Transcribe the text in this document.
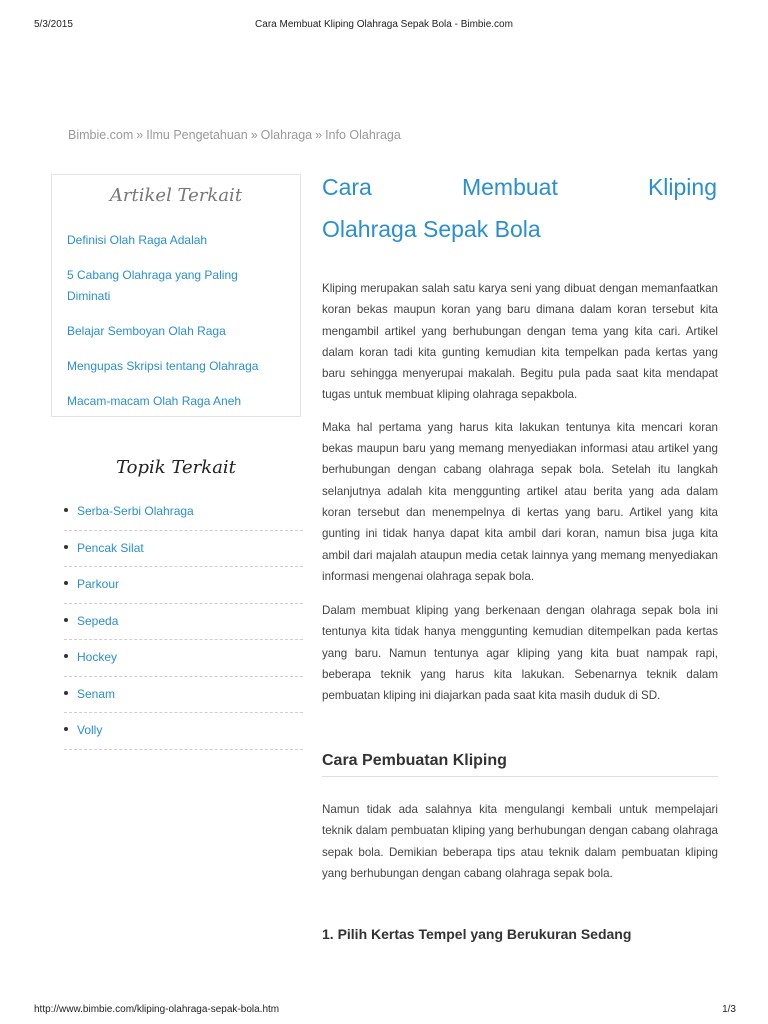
5/3/2015	Cara Membuat Kliping Olahraga Sepak Bola - Bimbie.com
Bimbie.com » Ilmu Pengetahuan » Olahraga » Info Olahraga
Artikel Terkait
Definisi Olah Raga Adalah
5 Cabang Olahraga yang Paling Diminati
Belajar Semboyan Olah Raga
Mengupas Skripsi tentang Olahraga
Macam-macam Olah Raga Aneh
Topik Terkait
Serba-Serbi Olahraga
Pencak Silat
Parkour
Sepeda
Hockey
Senam
Volly
Cara	Membuat	Kliping
Olahraga Sepak Bola

Kliping merupakan salah satu karya seni yang dibuat dengan memanfaatkan koran bekas maupun koran yang baru dimana dalam koran tersebut kita mengambil artikel yang berhubungan dengan tema yang kita cari. Artikel dalam koran tadi kita gunting kemudian kita tempelkan pada kertas yang baru sehingga menyerupai makalah. Begitu pula pada saat kita mendapat tugas untuk membuat kliping olahraga sepakbola.

Maka hal pertama yang harus kita lakukan tentunya kita mencari koran bekas maupun baru yang memang menyediakan informasi atau artikel yang berhubungan dengan cabang olahraga sepak bola. Setelah itu langkah selanjutnya adalah kita menggunting artikel atau berita yang ada dalam koran tersebut dan menempelnya di kertas yang baru. Artikel yang kita gunting ini tidak hanya dapat kita ambil dari koran, namun bisa juga kita ambil dari majalah ataupun media cetak lainnya yang memang menyediakan informasi mengenai olahraga sepak bola.

Dalam membuat kliping yang berkenaan dengan olahraga sepak bola ini tentunya kita tidak hanya menggunting kemudian ditempelkan pada kertas yang baru. Namun tentunya agar kliping yang kita buat nampak rapi, beberapa teknik yang harus kita lakukan. Sebenarnya teknik dalam pembuatan kliping ini diajarkan pada saat kita masih duduk di SD.

Cara Pembuatan Kliping

Namun tidak ada salahnya kita mengulangi kembali untuk mempelajari teknik dalam pembuatan kliping yang berhubungan dengan cabang olahraga sepak bola. Demikian beberapa tips atau teknik dalam pembuatan kliping yang berhubungan dengan cabang olahraga sepak bola.

1. Pilih Kertas Tempel yang Berukuran Sedang
http://www.bimbie.com/kliping-olahraga-sepak-bola.htm	1/3
